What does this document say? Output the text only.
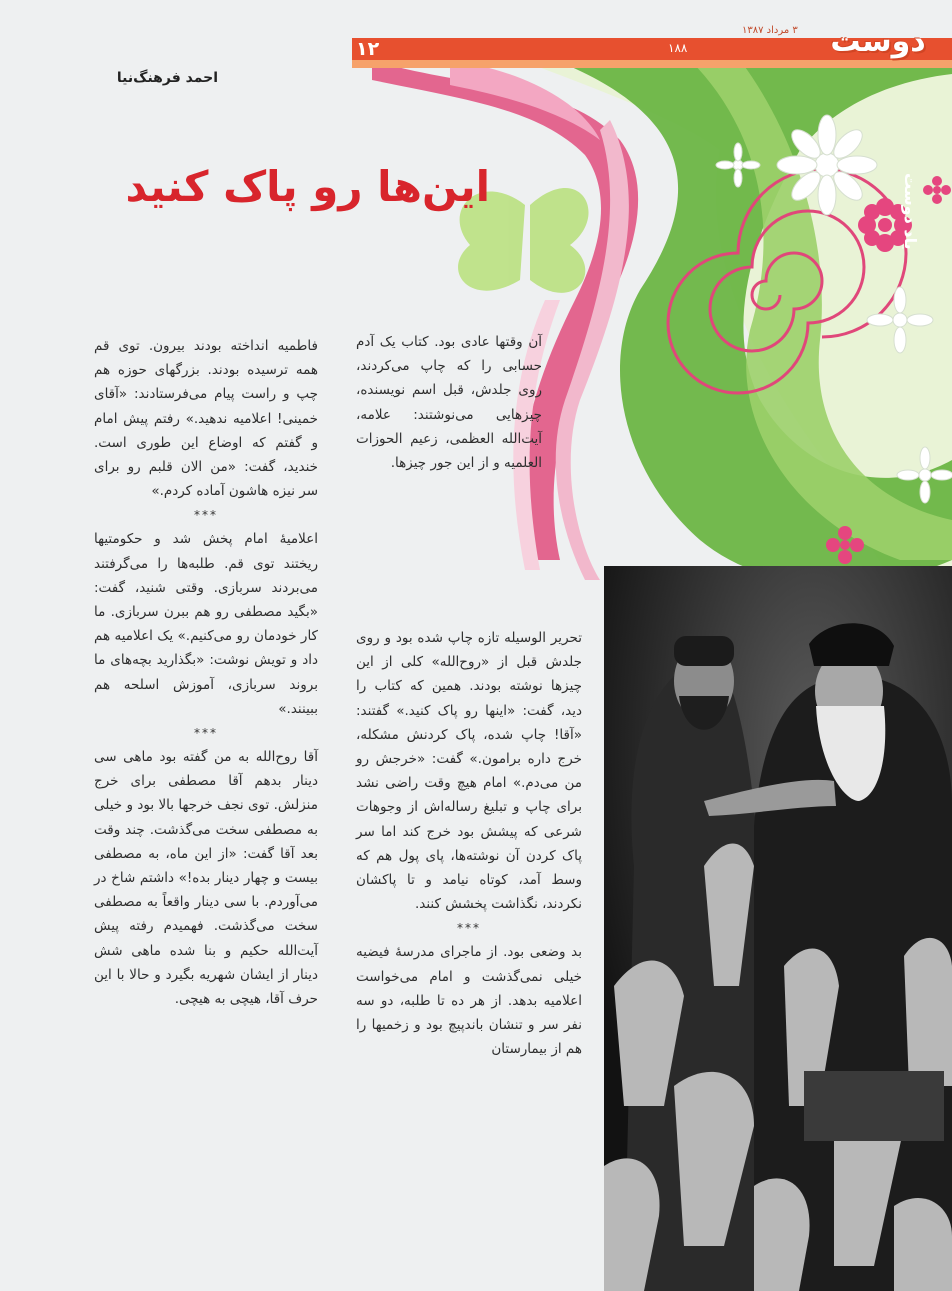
۱۲	۱۸۸
۳ مرداد ۱۳۸۷	دوست
یاد دوست
احمد فرهنگ‌نیا
این‌ها رو پاک کنید

آن وقتها عادی بود. کتاب یک آدم حسابی را که چاپ می‌کردند، روی جلدش، قبل اسم نویسنده، چیزهایی می‌نوشتند: علامه، آیت‌الله العظمی، زعیم الحوزات العلمیه و از این جور چیزها.

تحریر الوسیله تازه چاپ شده بود و روی جلدش قبل از «روح‌الله» کلی از این چیزها نوشته بودند. همین که کتاب را دید، گفت: «اینها رو پاک کنید.» گفتند: «آقا! چاپ شده، پاک کردنش مشکله، خرج داره برامون.» گفت: «خرجش رو من می‌دم.» امام هیچ وقت راضی نشد برای چاپ و تبلیغ رساله‌اش از وجوهات شرعی که پیشش بود خرج کند اما سر پاک کردن آن نوشته‌ها، پای پول هم که وسط آمد، کوتاه نیامد و تا پاکشان نکردند، نگذاشت پخشش کنند.

***

بد وضعی بود. از ماجرای مدرسهٔ فیضیه خیلی نمی‌گذشت و امام می‌خواست اعلامیه بدهد. از هر ده تا طلبه، دو سه نفر سر و تنشان باندپیچ بود و زخمیها را هم از بیمارستان

فاطمیه انداخته بودند بیرون. توی قم همه ترسیده بودند. بزرگهای حوزه هم چپ و راست پیام می‌فرستادند: «آقای خمینی! اعلامیه ندهید.» رفتم پیش امام و گفتم که اوضاع این طوری است. خندید، گفت: «من الان قلبم رو برای سر نیزه هاشون آماده کردم.»

***

اعلامیهٔ امام پخش شد و حکومتیها ریختند توی قم. طلبه‌ها را می‌گرفتند می‌بردند سربازی. وقتی شنید، گفت: «بگید مصطفی رو هم ببرن سربازی. ما کار خودمان رو می‌کنیم.» یک اعلامیه هم داد و تویش نوشت: «بگذارید بچه‌های ما بروند سربازی، آموزش اسلحه هم ببینند.»

***

آقا روح‌الله به من گفته بود ماهی سی دینار بدهم آقا مصطفی برای خرج منزلش. توی نجف خرجها بالا بود و خیلی به مصطفی سخت می‌گذشت. چند وقت بعد آقا گفت: «از این ماه، به مصطفی بیست و چهار دینار بده!» داشتم شاخ در می‌آوردم. با سی دینار واقعاً به مصطفی سخت می‌گذشت. فهمیدم رفته پیش آیت‌الله حکیم و بنا شده ماهی شش دینار از ایشان شهریه بگیرد و حالا با این حرف آقا، هیچی به هیچی.
